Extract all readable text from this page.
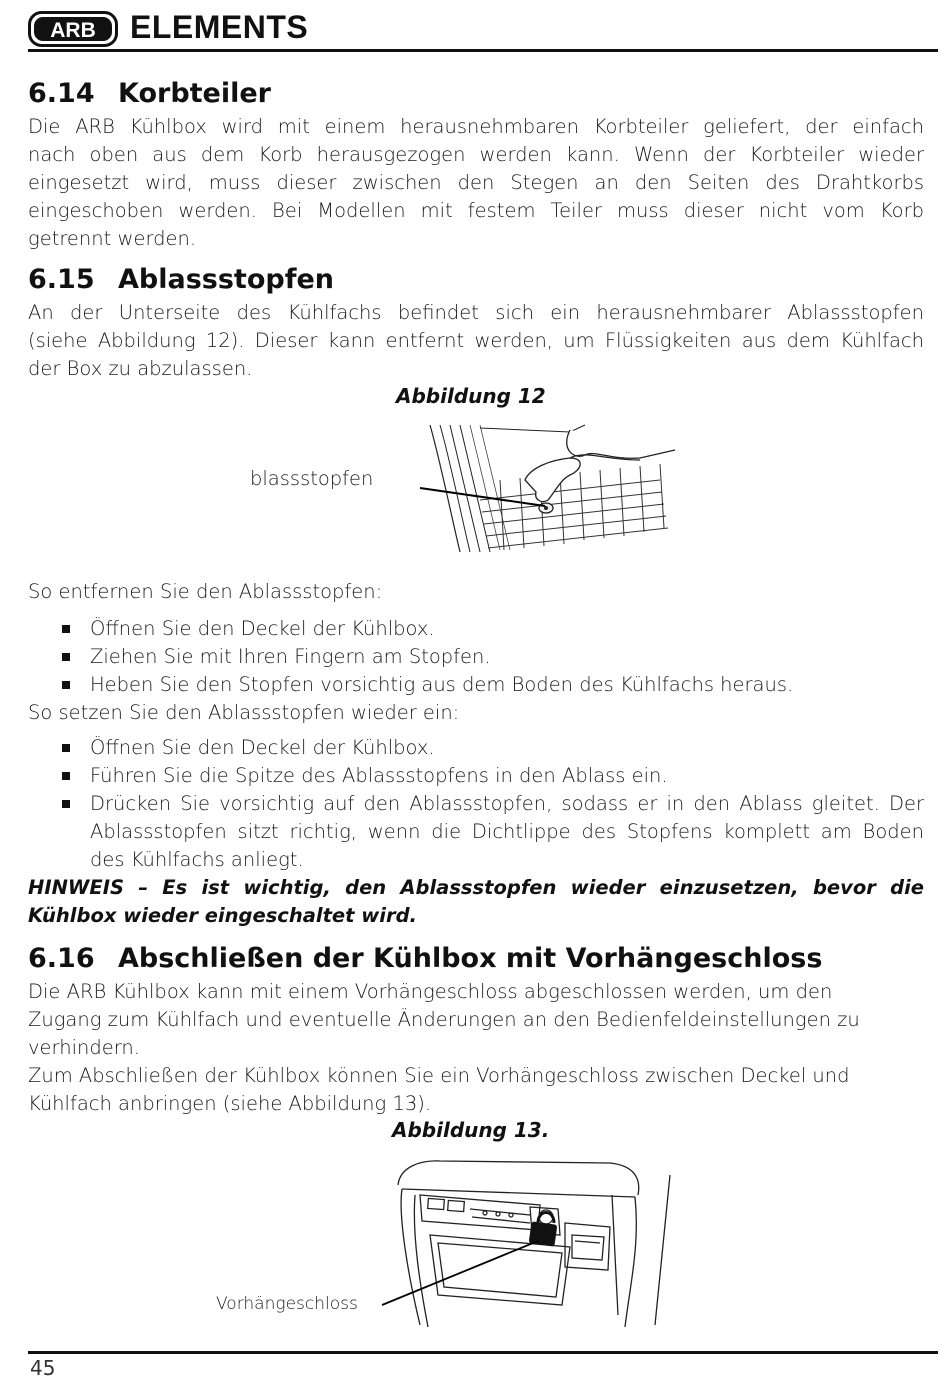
ARB ELEMENTS
6.14 Korbteiler
Die ARB Kühlbox wird mit einem herausnehmbaren Korbteiler geliefert, der einfach
nach oben aus dem Korb herausgezogen werden kann. Wenn der Korbteiler wieder
eingesetzt wird, muss dieser zwischen den Stegen an den Seiten des Drahtkorbs
eingeschoben werden. Bei Modellen mit festem Teiler muss dieser nicht vom Korb
getrennt werden.
6.15 Ablassstopfen
An der Unterseite des Kühlfachs befindet sich ein herausnehmbarer Ablassstopfen
(siehe Abbildung 12). Dieser kann entfernt werden, um Flüssigkeiten aus dem Kühlfach
der Box zu abzulassen.
Abbildung 12
blassstopfen
So entfernen Sie den Ablassstopfen:
Öffnen Sie den Deckel der Kühlbox.
Ziehen Sie mit Ihren Fingern am Stopfen.
Heben Sie den Stopfen vorsichtig aus dem Boden des Kühlfachs heraus.
So setzen Sie den Ablassstopfen wieder ein:
Öffnen Sie den Deckel der Kühlbox.
Führen Sie die Spitze des Ablassstopfens in den Ablass ein.
Drücken Sie vorsichtig auf den Ablassstopfen, sodass er in den Ablass gleitet. Der
Ablassstopfen sitzt richtig, wenn die Dichtlippe des Stopfens komplett am Boden
des Kühlfachs anliegt.
HINWEIS – Es ist wichtig, den Ablassstopfen wieder einzusetzen, bevor die
Kühlbox wieder eingeschaltet wird.
6.16 Abschließen der Kühlbox mit Vorhängeschloss
Die ARB Kühlbox kann mit einem Vorhängeschloss abgeschlossen werden, um den
Zugang zum Kühlfach und eventuelle Änderungen an den Bedienfeldeinstellungen zu
verhindern.
Zum Abschließen der Kühlbox können Sie ein Vorhängeschloss zwischen Deckel und
Kühlfach anbringen (siehe Abbildung 13).
Abbildung 13.
Vorhängeschloss
45
